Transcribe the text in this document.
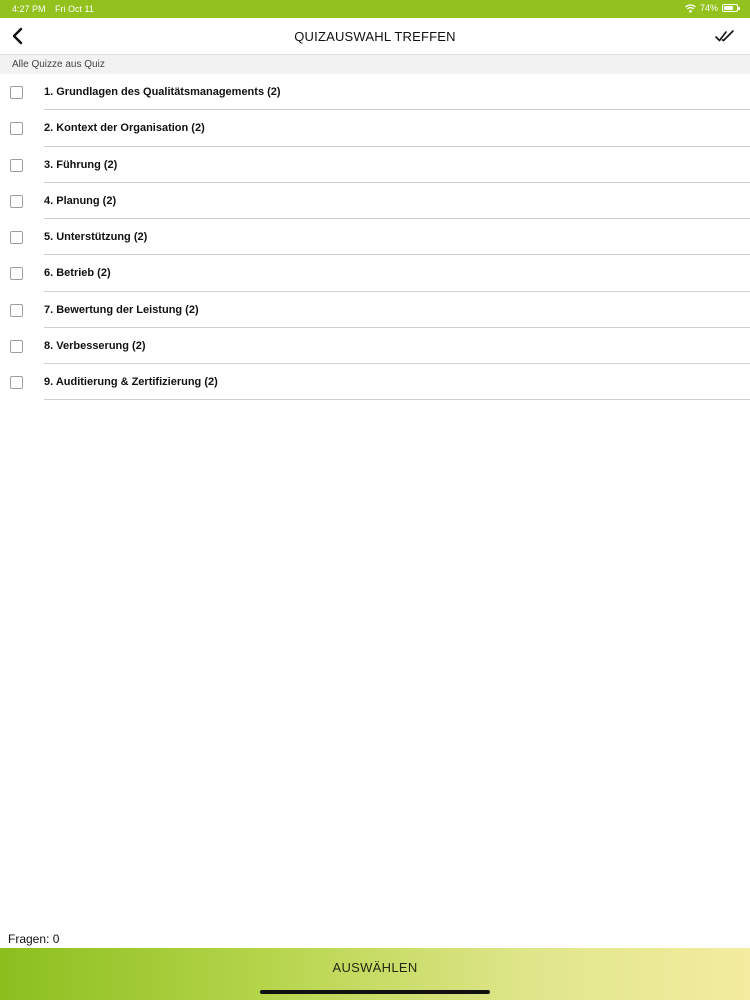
4:27 PM Fri Oct 11	74%
QUIZAUSWAHL TREFFEN
Alle Quizze aus Quiz
1. Grundlagen des Qualitätsmanagements (2)
2. Kontext der Organisation (2)
3. Führung (2)
4. Planung (2)
5. Unterstützung (2)
6. Betrieb (2)
7. Bewertung der Leistung (2)
8. Verbesserung (2)
9. Auditierung & Zertifizierung (2)
Fragen: 0
AUSWÄHLEN
